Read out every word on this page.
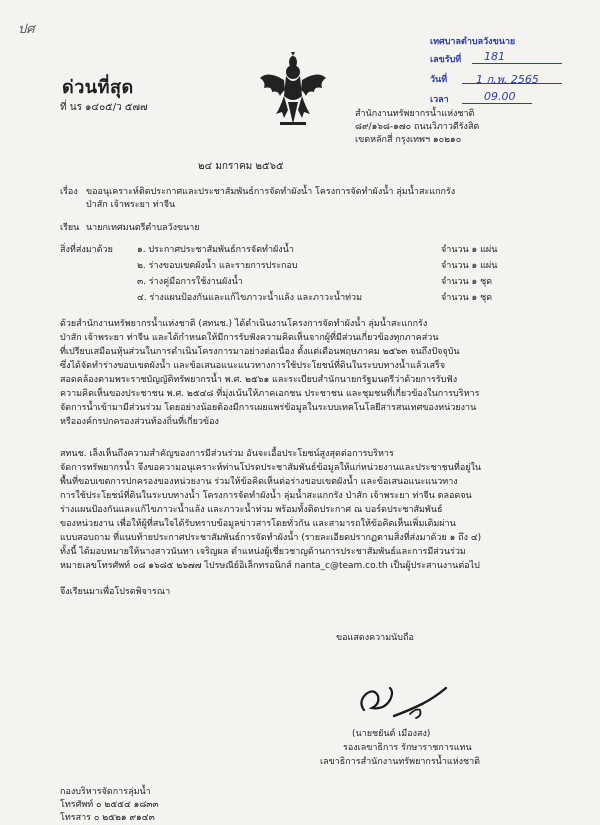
ปศ
ด่วนที่สุด
ที่ นร ๑๔๐๕/ว ๕๗๗
เทศบาลตำบลวังขนาย
เลขรับที่ 181
วันที่	1 ก.พ. 2565
เวลา	09.00
สำนักงานทรัพยากรน้ำแห่งชาติ
๘๙/๑๖๘-๑๗๐ ถนนวิภาวดีรังสิต
เขตหลักสี่ กรุงเทพฯ ๑๐๒๑๐
๒๔ มกราคม ๒๕๖๕
เรื่อง ขออนุเคราะห์ติดประกาศและประชาสัมพันธ์การจัดทำผังน้ำ โครงการจัดทำผังน้ำ ลุ่มน้ำสะแกกรัง
ป่าสัก เจ้าพระยา ท่าจีน
เรียน นายกเทศมนตรีตำบลวังขนาย
สิ่งที่ส่งมาด้วย	๑. ประกาศประชาสัมพันธ์การจัดทำผังน้ำ	จำนวน ๑ แผ่น
๒. ร่างขอบเขตผังน้ำ และรายการประกอบ	จำนวน ๑ แผ่น
๓. ร่างคู่มือการใช้งานผังน้ำ	จำนวน ๑ ชุด
๔. ร่างแผนป้องกันและแก้ไขภาวะน้ำแล้ง และภาวะน้ำท่วม	จำนวน ๑ ชุด
ด้วยสำนักงานทรัพยากรน้ำแห่งชาติ (สทนช.) ได้ดำเนินงานโครงการจัดทำผังน้ำ ลุ่มน้ำสะแกกรัง
ป่าสัก เจ้าพระยา ท่าจีน และได้กำหนดให้มีการรับฟังความคิดเห็นจากผู้ที่มีส่วนเกี่ยวข้องทุกภาคส่วน
ที่เปรียบเสมือนหุ้นส่วนในการดำเนินโครงการมาอย่างต่อเนื่อง ตั้งแต่เดือนพฤษภาคม ๒๕๖๓ จนถึงปัจจุบัน
ซึ่งได้จัดทำร่างขอบเขตผังน้ำ และข้อเสนอแนะแนวทางการใช้ประโยชน์ที่ดินในระบบทางน้ำแล้วเสร็จ
สอดคล้องตามพระราชบัญญัติทรัพยากรน้ำ พ.ศ. ๒๕๖๑ และระเบียบสำนักนายกรัฐมนตรีว่าด้วยการรับฟัง
ความคิดเห็นของประชาชน พ.ศ. ๒๕๔๘ ที่มุ่งเน้นให้ภาคเอกชน ประชาชน และชุมชนที่เกี่ยวข้องในการบริหาร
จัดการน้ำเข้ามามีส่วนร่วม โดยอย่างน้อยต้องมีการเผยแพร่ข้อมูลในระบบเทคโนโลยีสารสนเทศของหน่วยงาน
หรือองค์กรปกครองส่วนท้องถิ่นที่เกี่ยวข้อง
สทนช. เล็งเห็นถึงความสำคัญของการมีส่วนร่วม อันจะเอื้อประโยชน์สูงสุดต่อการบริหาร
จัดการทรัพยากรน้ำ จึงขอความอนุเคราะห์ท่านโปรดประชาสัมพันธ์ข้อมูลให้แก่หน่วยงานและประชาชนที่อยู่ใน
พื้นที่ขอบเขตการปกครองของหน่วยงาน ร่วมให้ข้อคิดเห็นต่อร่างขอบเขตผังน้ำ และข้อเสนอแนะแนวทาง
การใช้ประโยชน์ที่ดินในระบบทางน้ำ โครงการจัดทำผังน้ำ ลุ่มน้ำสะแกกรัง ป่าสัก เจ้าพระยา ท่าจีน ตลอดจน
ร่างแผนป้องกันและแก้ไขภาวะน้ำแล้ง และภาวะน้ำท่วม พร้อมทั้งติดประกาศ ณ บอร์ดประชาสัมพันธ์
ของหน่วยงาน เพื่อให้ผู้ที่สนใจได้รับทราบข้อมูลข่าวสารโดยทั่วกัน และสามารถให้ข้อคิดเห็นเพิ่มเติมผ่าน
แบบสอบถาม ที่แนบท้ายประกาศประชาสัมพันธ์การจัดทำผังน้ำ (รายละเอียดปรากฏตามสิ่งที่ส่งมาด้วย ๑ ถึง ๔)
ทั้งนี้ ได้มอบหมายให้นางสาวนันทา เจริญผล ตำแหน่งผู้เชี่ยวชาญด้านการประชาสัมพันธ์และการมีส่วนร่วม
หมายเลขโทรศัพท์ ๐๘ ๑๖๘๕ ๒๖๗๗ ไปรษณีย์อิเล็กทรอนิกส์ nanta_c@team.co.th เป็นผู้ประสานงานต่อไป
จึงเรียนมาเพื่อโปรดพิจารณา
ขอแสดงความนับถือ
(นายชยันต์ เมืองสง)
รองเลขาธิการ รักษาราชการแทน
เลขาธิการสำนักงานทรัพยากรน้ำแห่งชาติ
กองบริหารจัดการลุ่มน้ำ
โทรศัพท์ ๐ ๒๕๕๔ ๑๘๓๓
โทรสาร ๐ ๒๕๒๑ ๙๑๔๓
